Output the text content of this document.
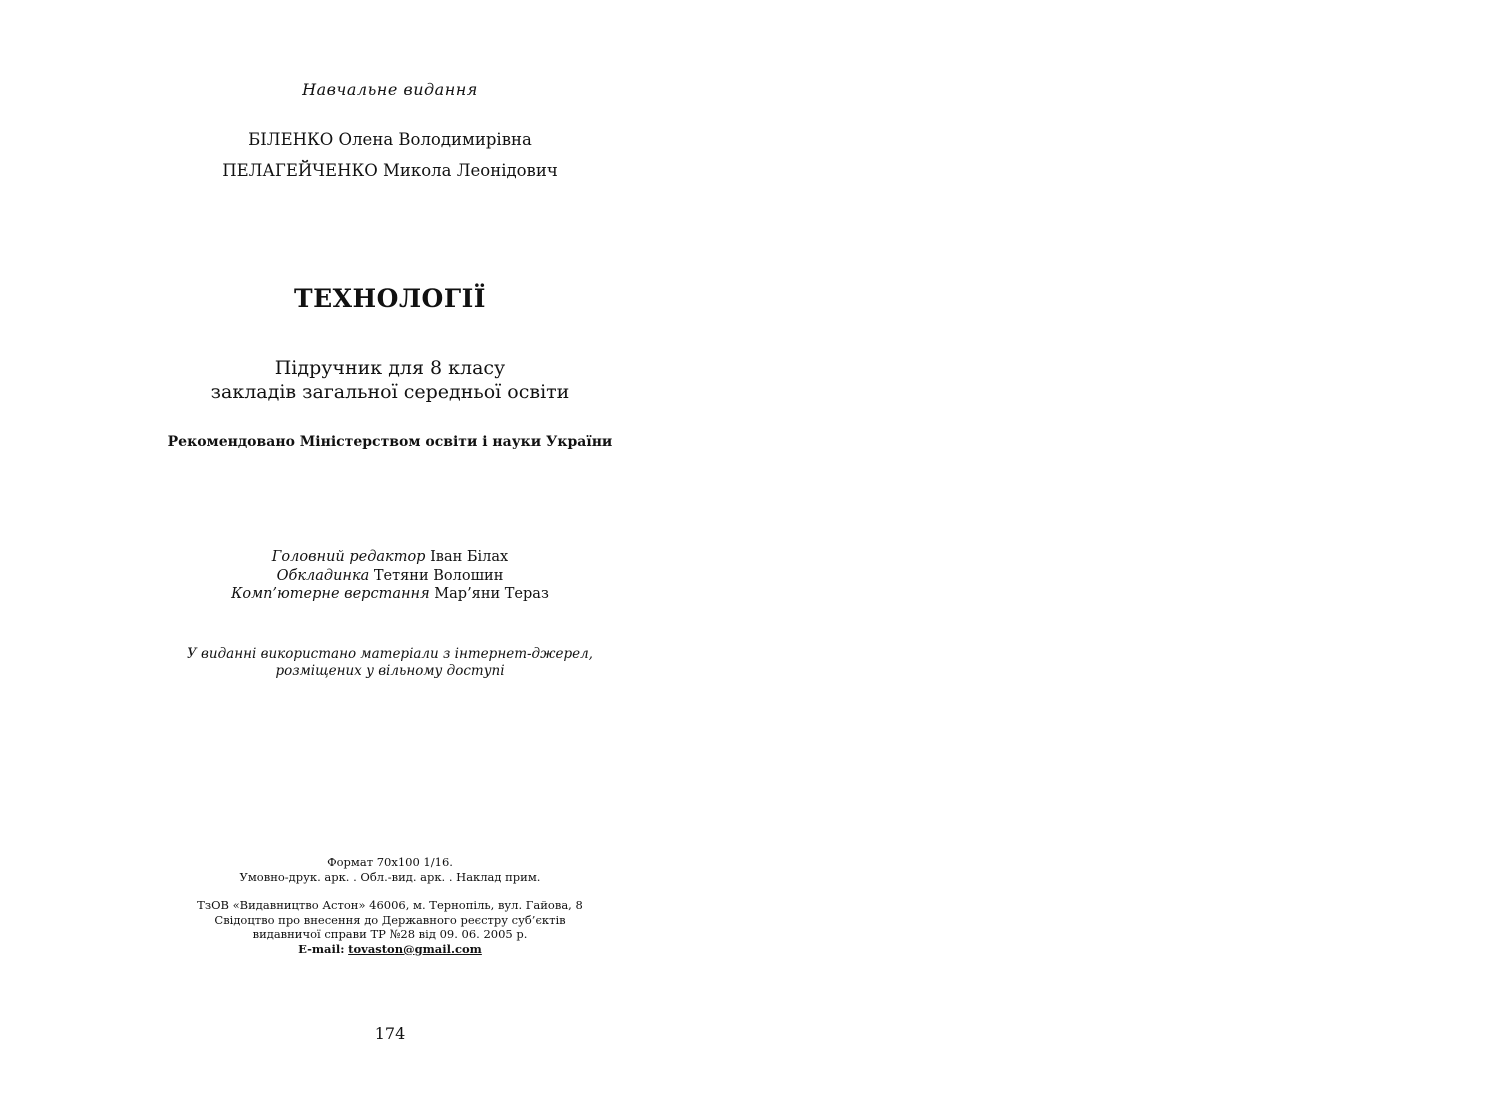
Навчальне видання
БІЛЕНКО Олена Володимирівна
ПЕЛАГЕЙЧЕНКО Микола Леонідович
ТЕХНОЛОГІЇ
Підручник для 8 класу
закладів загальної середньої освіти
Рекомендовано Міністерством освіти і науки України
Головний редактор Іван Білах
Обкладинка Тетяни Волошин
Комп’ютерне верстання Мар’яни Тераз
У виданні використано матеріали з інтернет-джерел,
розміщених у вільному доступі
Формат 70x100 1/16.
Умовно-друк. арк. . Обл.-вид. арк. . Наклад прим.
ТзОВ «Видавництво Астон» 46006, м. Тернопіль, вул. Гайова, 8
Свідоцтво про внесення до Державного реєстру суб’єктів
видавничої справи ТР №28 від 09. 06. 2005 р.
E-mail: tovaston@gmail.com
174
